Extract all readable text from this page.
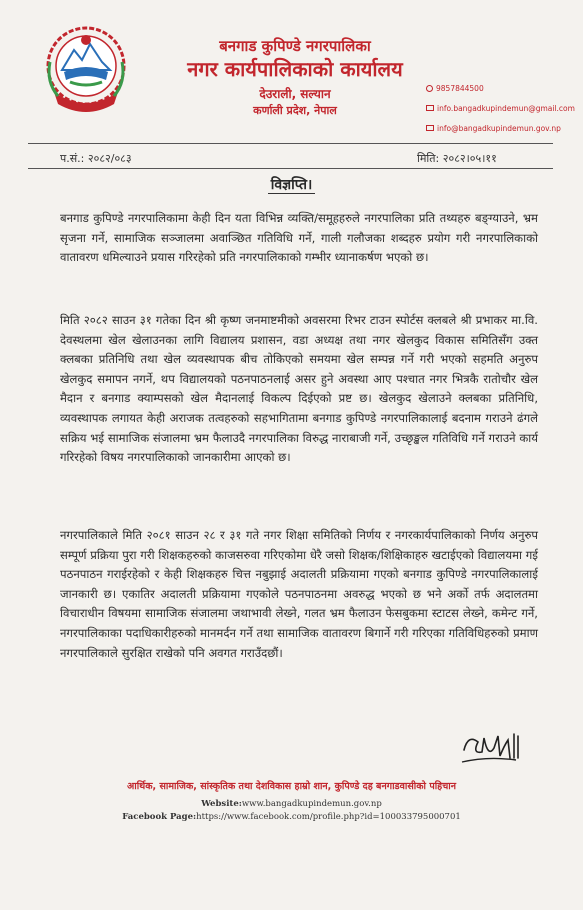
बनगाड कुपिण्डे नगरपालिका
नगर कार्यपालिकाको कार्यालय
देउराली, सल्यान
कर्णाली प्रदेश, नेपाल
9857844500
info.bangadkupindemun@gmail.com
info@bangadkupindemun.gov.np
प.सं.: २०८२/०८३	मिति: २०८२।०५।११
विज्ञप्ति।
बनगाड कुपिण्डे नगरपालिकामा केही दिन यता विभिन्न व्यक्ति/समूहहरुले नगरपालिका प्रति तथ्यहरु बङ्ग्याउने, भ्रम सृजना गर्ने, सामाजिक सञ्जालमा अवाञ्छित गतिविधि गर्ने, गाली गलौजका शब्दहरु प्रयोग गरी नगरपालिकाको वातावरण धमिल्याउने प्रयास गरिरहेको प्रति नगरपालिकाको गम्भीर ध्यानाकर्षण भएको छ।
मिति २०८२ साउन ३१ गतेका दिन श्री कृष्ण जनमाष्टमीको अवसरमा रिभर टाउन स्पोर्टस क्लबले श्री प्रभाकर मा.वि. देवस्थलमा खेल खेलाउनका लागि विद्यालय प्रशासन, वडा अध्यक्ष तथा नगर खेलकुद विकास समितिसँग उक्त क्लबका प्रतिनिधि तथा खेल व्यवस्थापक बीच तोकिएको समयमा खेल सम्पन्न गर्ने गरी भएको सहमति अनुरुप खेलकुद समापन नगर्ने, थप विद्यालयको पठनपाठनलाई असर हुने अवस्था आए पश्चात नगर भित्रकै रातोचौर खेल मैदान र बनगाड क्याम्पसको खेल मैदानलाई विकल्प दिईएको प्रष्ट छ। खेलकुद खेलाउने क्लबका प्रतिनिधि, व्यवस्थापक लगायत केही अराजक तत्वहरुको सहभागितामा बनगाड कुपिण्डे नगरपालिकालाई बदनाम गराउने ढंगले सक्रिय भई सामाजिक संजालमा भ्रम फैलाउदै नगरपालिका विरुद्ध नाराबाजी गर्ने, उच्छृङ्खल गतिविधि गर्ने गराउने कार्य गरिरहेको विषय नगरपालिकाको जानकारीमा आएको छ।
नगरपालिकाले मिति २०८१ साउन २८ र ३१ गते नगर शिक्षा समितिको निर्णय र नगरकार्यपालिकाको निर्णय अनुरुप सम्पूर्ण प्रक्रिया पुरा गरी शिक्षकहरुको काजसरुवा गरिएकोमा धेरै जसो शिक्षक/शिक्षिकाहरु खटाईएको विद्यालयमा गई पठनपाठन गराईरहेको र केही शिक्षकहरु चित्त नबुझाई अदालती प्रक्रियामा गएको बनगाड कुपिण्डे नगरपालिकालाई जानकारी छ। एकातिर अदालती प्रक्रियामा गएकोले पठनपाठनमा अवरुद्ध भएको छ भने अर्को तर्फ अदालतमा विचाराधीन विषयमा सामाजिक संजालमा जथाभावी लेख्ने, गलत भ्रम फैलाउन फेसबुकमा स्टाटस लेख्ने, कमेन्ट गर्ने, नगरपालिकाका पदाधिकारीहरुको मानमर्दन गर्ने तथा सामाजिक वातावरण बिगार्ने गरी गरिएका गतिविधिहरुको प्रमाण नगरपालिकाले सुरक्षित राखेको पनि अवगत गराउँदछौं।
आर्थिक, सामाजिक, सांस्कृतिक तथा देशविकास हाम्रो शान, कुपिण्डे दह बनगाडवासीको पहिचान
Website:www.bangadkupindemun.gov.np
Facebook Page:https://www.facebook.com/profile.php?id=100033795000701
